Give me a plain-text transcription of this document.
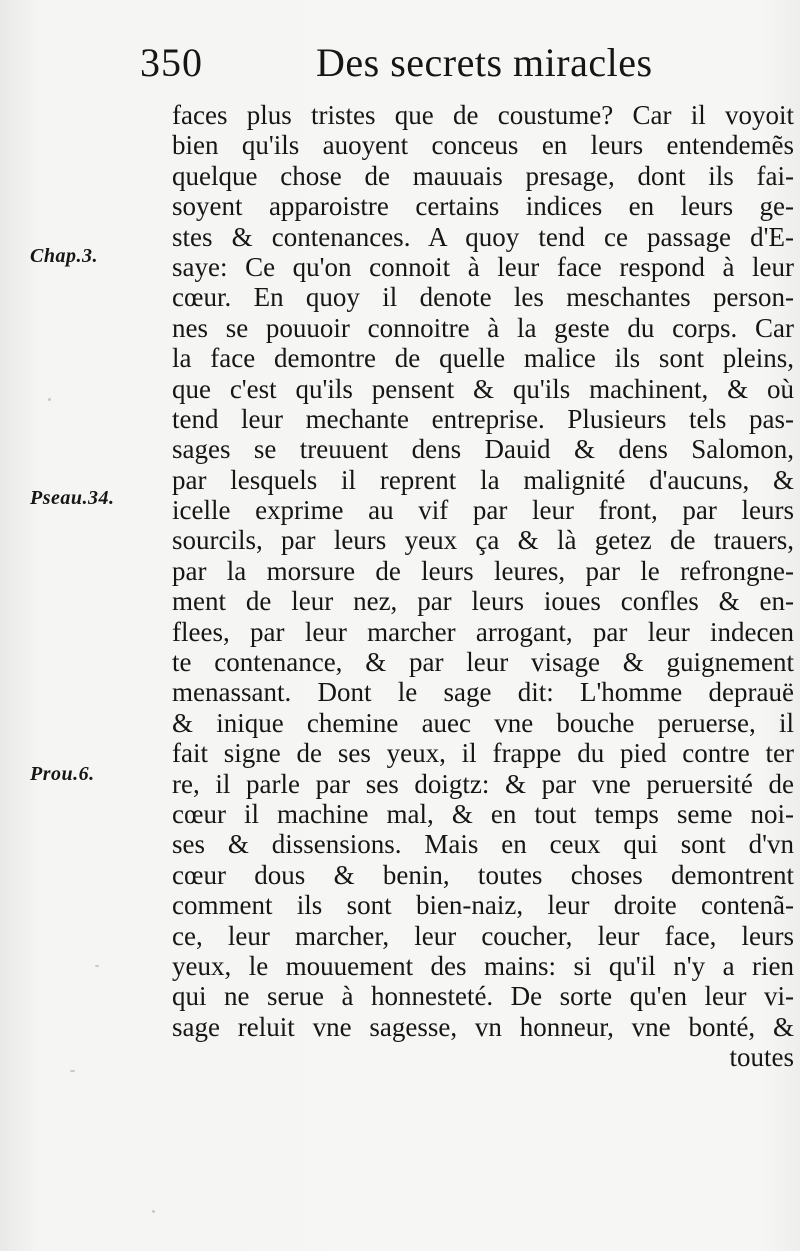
350	Des secrets miracles
Chap.3.
Pseau.34.
Prou.6.
faces plus tristes que de coustume? Car il voyoit
bien qu'ils auoyent conceus en leurs entendemẽs
quelque chose de mauuais presage, dont ils fai-
soyent apparoistre certains indices en leurs ge-
stes & contenances. A quoy tend ce passage d'E-
saye: Ce qu'on connoit à leur face respond à leur
cœur. En quoy il denote les meschantes person-
nes se pouuoir connoitre à la geste du corps. Car
la face demontre de quelle malice ils sont pleins,
que c'est qu'ils pensent & qu'ils machinent, & où
tend leur mechante entreprise. Plusieurs tels pas-
sages se treuuent dens Dauid & dens Salomon,
par lesquels il reprent la malignité d'aucuns, &
icelle exprime au vif par leur front, par leurs
sourcils, par leurs yeux ça & là getez de trauers,
par la morsure de leurs leures, par le refrongne-
ment de leur nez, par leurs ioues confles & en-
flees, par leur marcher arrogant, par leur indecen
te contenance, & par leur visage & guignement
menassant. Dont le sage dit: L'homme deprauë
& inique chemine auec vne bouche peruerse, il
fait signe de ses yeux, il frappe du pied contre ter
re, il parle par ses doigtz: & par vne peruersité de
cœur il machine mal, & en tout temps seme noi-
ses & dissensions. Mais en ceux qui sont d'vn
cœur dous & benin, toutes choses demontrent
comment ils sont bien-naiz, leur droite contenã-
ce, leur marcher, leur coucher, leur face, leurs
yeux, le mouuement des mains: si qu'il n'y a rien
qui ne serue à honnesteté. De sorte qu'en leur vi-
sage reluit vne sagesse, vn honneur, vne bonté, &
toutes
